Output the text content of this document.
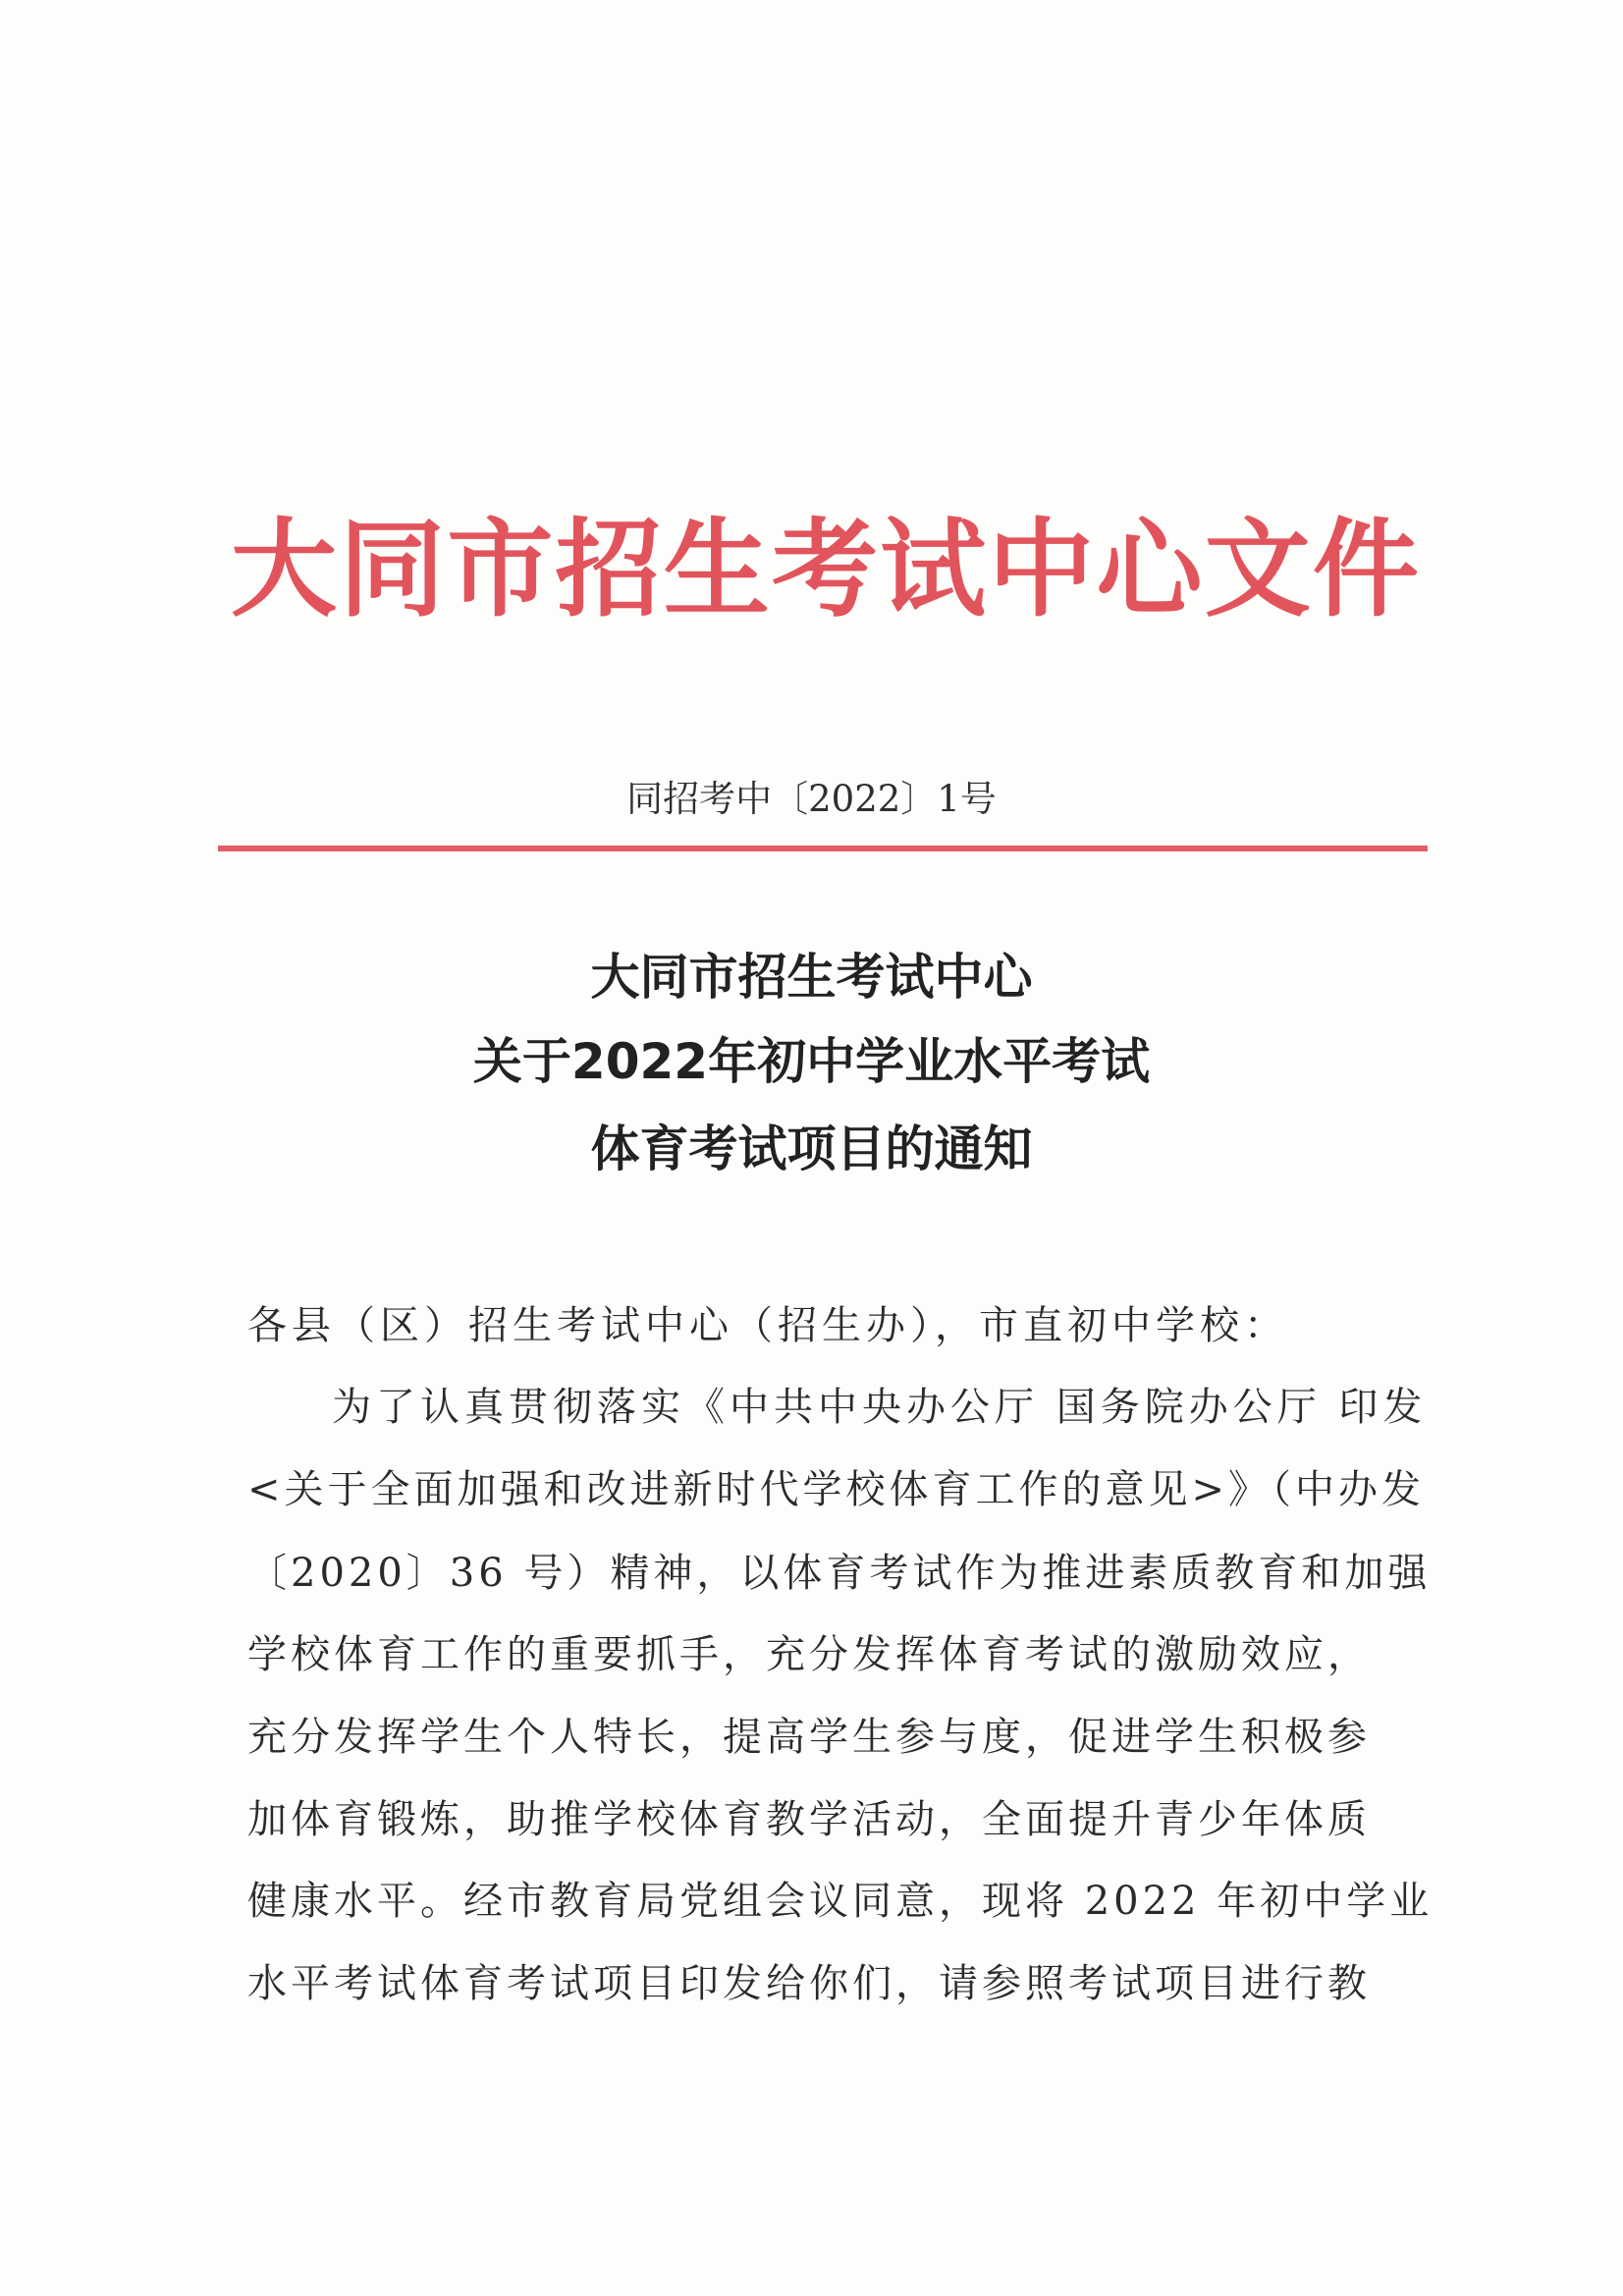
大 同 市 招 生 考 试 中 心 文 件
同招考中〔2022〕1号
大同市招生考试中心
关于2022年初中学业水平考试
体育考试项目的通知
各县（区）招生考试中心（招生办），市直初中学校：
为了认真贯彻落实《中共中央办公厅 国务院办公厅 印发
<关于全面加强和改进新时代学校体育工作的意见>》（中办发
〔2020〕36 号）精神，以体育考试作为推进素质教育和加强
学校体育工作的重要抓手，充分发挥体育考试的激励效应，
充分发挥学生个人特长，提高学生参与度，促进学生积极参
加体育锻炼，助推学校体育教学活动，全面提升青少年体质
健康水平。经市教育局党组会议同意，现将 2022 年初中学业
水平考试体育考试项目印发给你们，请参照考试项目进行教
